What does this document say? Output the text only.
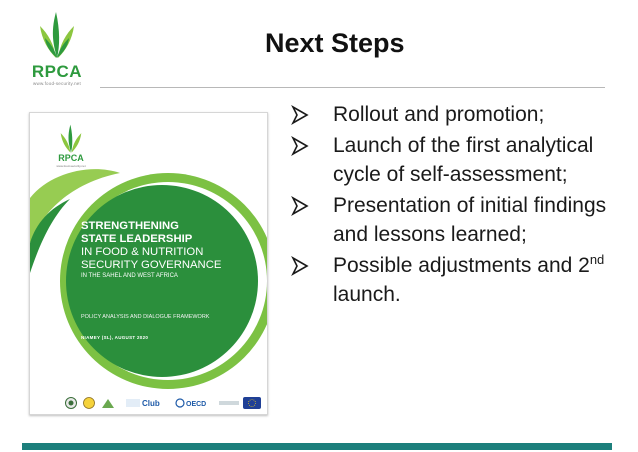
RPCA
www.food-security.net
Next Steps
RPCA
www.food-security.net
STRENGTHENING
STATE LEADERSHIP
IN FOOD & NUTRITION
SECURITY GOVERNANCE
IN THE SAHEL AND WEST AFRICA
POLICY ANALYSIS AND DIALOGUE FRAMEWORK
NIAMEY (SL), AUGUST 2020
Club	OECD
Rollout and promotion;
Launch of the first analytical cycle of self-assessment;
Presentation of initial findings and lessons learned;
Possible adjustments and 2nd launch.
